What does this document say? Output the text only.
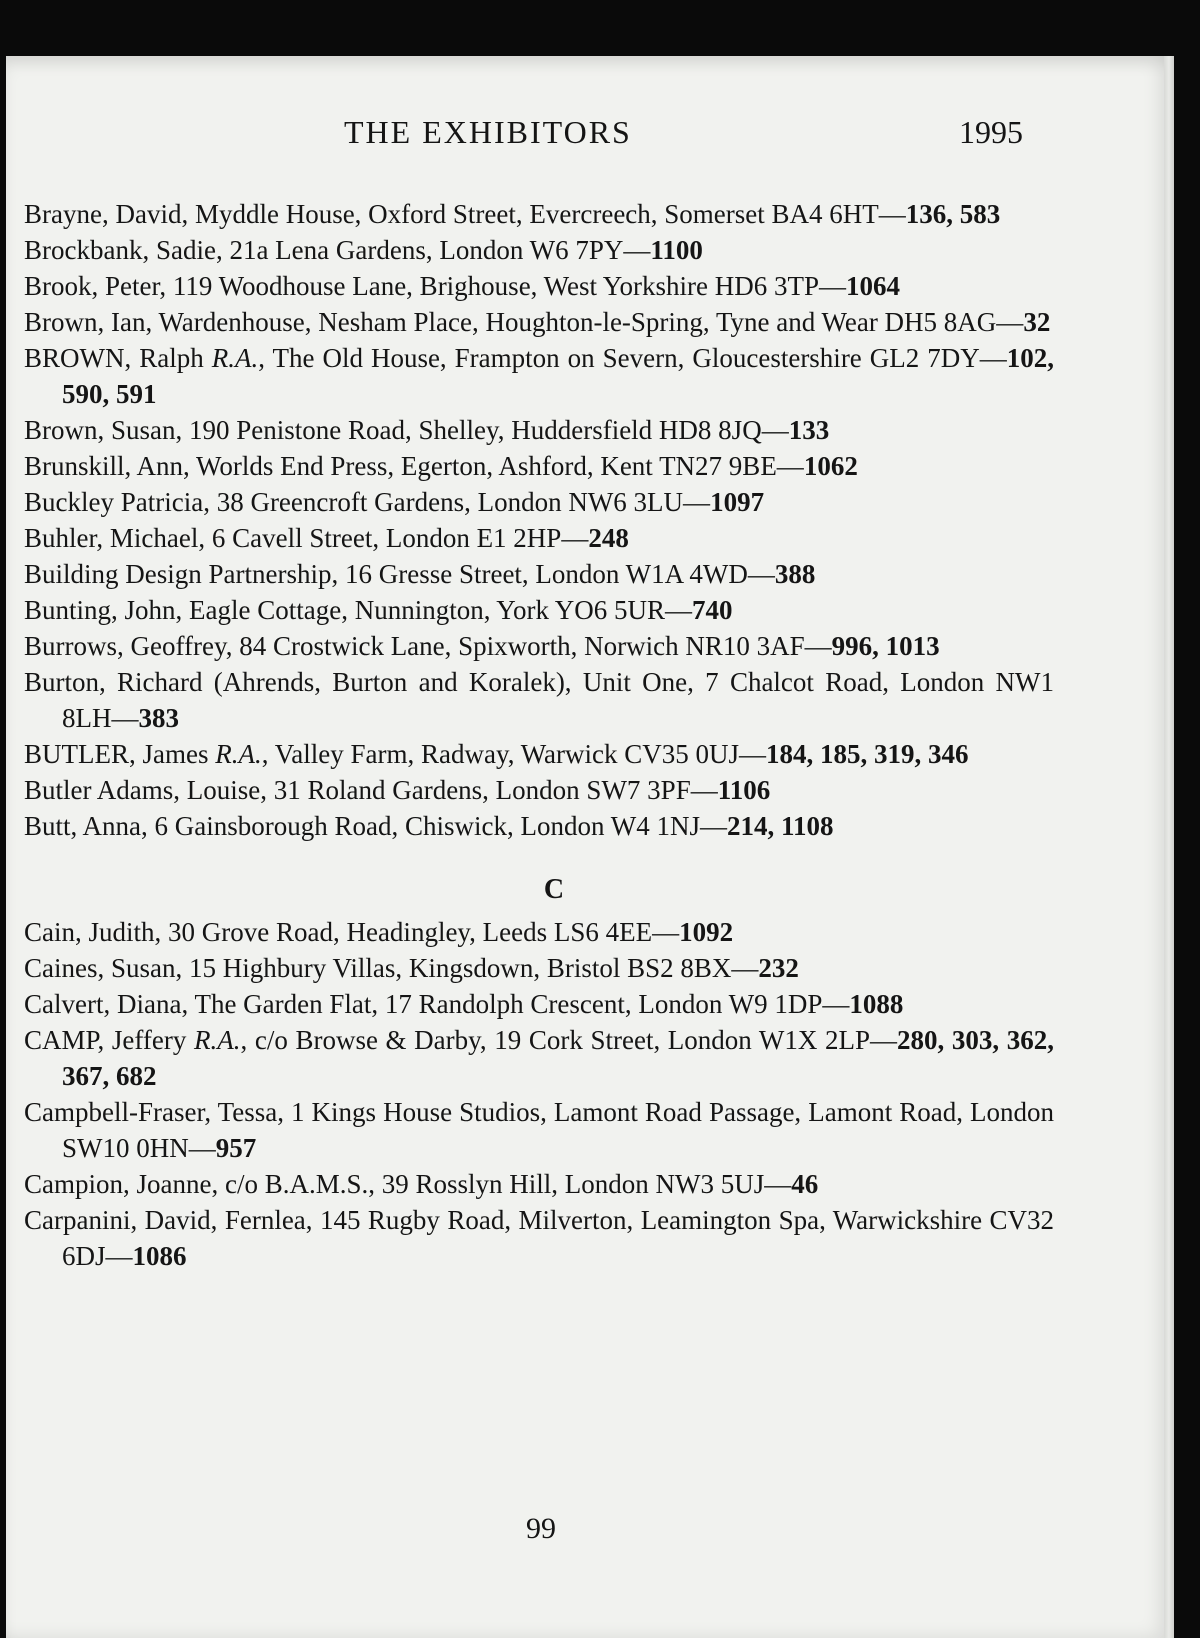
THE EXHIBITORS	1995

Brayne, David, Myddle House, Oxford Street, Evercreech, Somerset BA4 6HT—136, 583

Brockbank, Sadie, 21a Lena Gardens, London W6 7PY—1100

Brook, Peter, 119 Woodhouse Lane, Brighouse, West Yorkshire HD6 3TP—1064

Brown, Ian, Wardenhouse, Nesham Place, Houghton-le-Spring, Tyne and Wear DH5 8AG—32

BROWN, Ralph R.A., The Old House, Frampton on Severn, Gloucestershire GL2 7DY—102, 590, 591

Brown, Susan, 190 Penistone Road, Shelley, Huddersfield HD8 8JQ—133

Brunskill, Ann, Worlds End Press, Egerton, Ashford, Kent TN27 9BE—1062

Buckley Patricia, 38 Greencroft Gardens, London NW6 3LU—1097

Buhler, Michael, 6 Cavell Street, London E1 2HP—248

Building Design Partnership, 16 Gresse Street, London W1A 4WD—388

Bunting, John, Eagle Cottage, Nunnington, York YO6 5UR—740

Burrows, Geoffrey, 84 Crostwick Lane, Spixworth, Norwich NR10 3AF—996, 1013

Burton, Richard (Ahrends, Burton and Koralek), Unit One, 7 Chalcot Road, London NW1 8LH—383

BUTLER, James R.A., Valley Farm, Radway, Warwick CV35 0UJ—184, 185, 319, 346

Butler Adams, Louise, 31 Roland Gardens, London SW7 3PF—1106

Butt, Anna, 6 Gainsborough Road, Chiswick, London W4 1NJ—214, 1108

C

Cain, Judith, 30 Grove Road, Headingley, Leeds LS6 4EE—1092

Caines, Susan, 15 Highbury Villas, Kingsdown, Bristol BS2 8BX—232

Calvert, Diana, The Garden Flat, 17 Randolph Crescent, London W9 1DP—1088

CAMP, Jeffery R.A., c/o Browse & Darby, 19 Cork Street, London W1X 2LP—280, 303, 362, 367, 682

Campbell-Fraser, Tessa, 1 Kings House Studios, Lamont Road Passage, Lamont Road, London SW10 0HN—957

Campion, Joanne, c/o B.A.M.S., 39 Rosslyn Hill, London NW3 5UJ—46

Carpanini, David, Fernlea, 145 Rugby Road, Milverton, Leamington Spa, Warwickshire CV32 6DJ—1086

99
